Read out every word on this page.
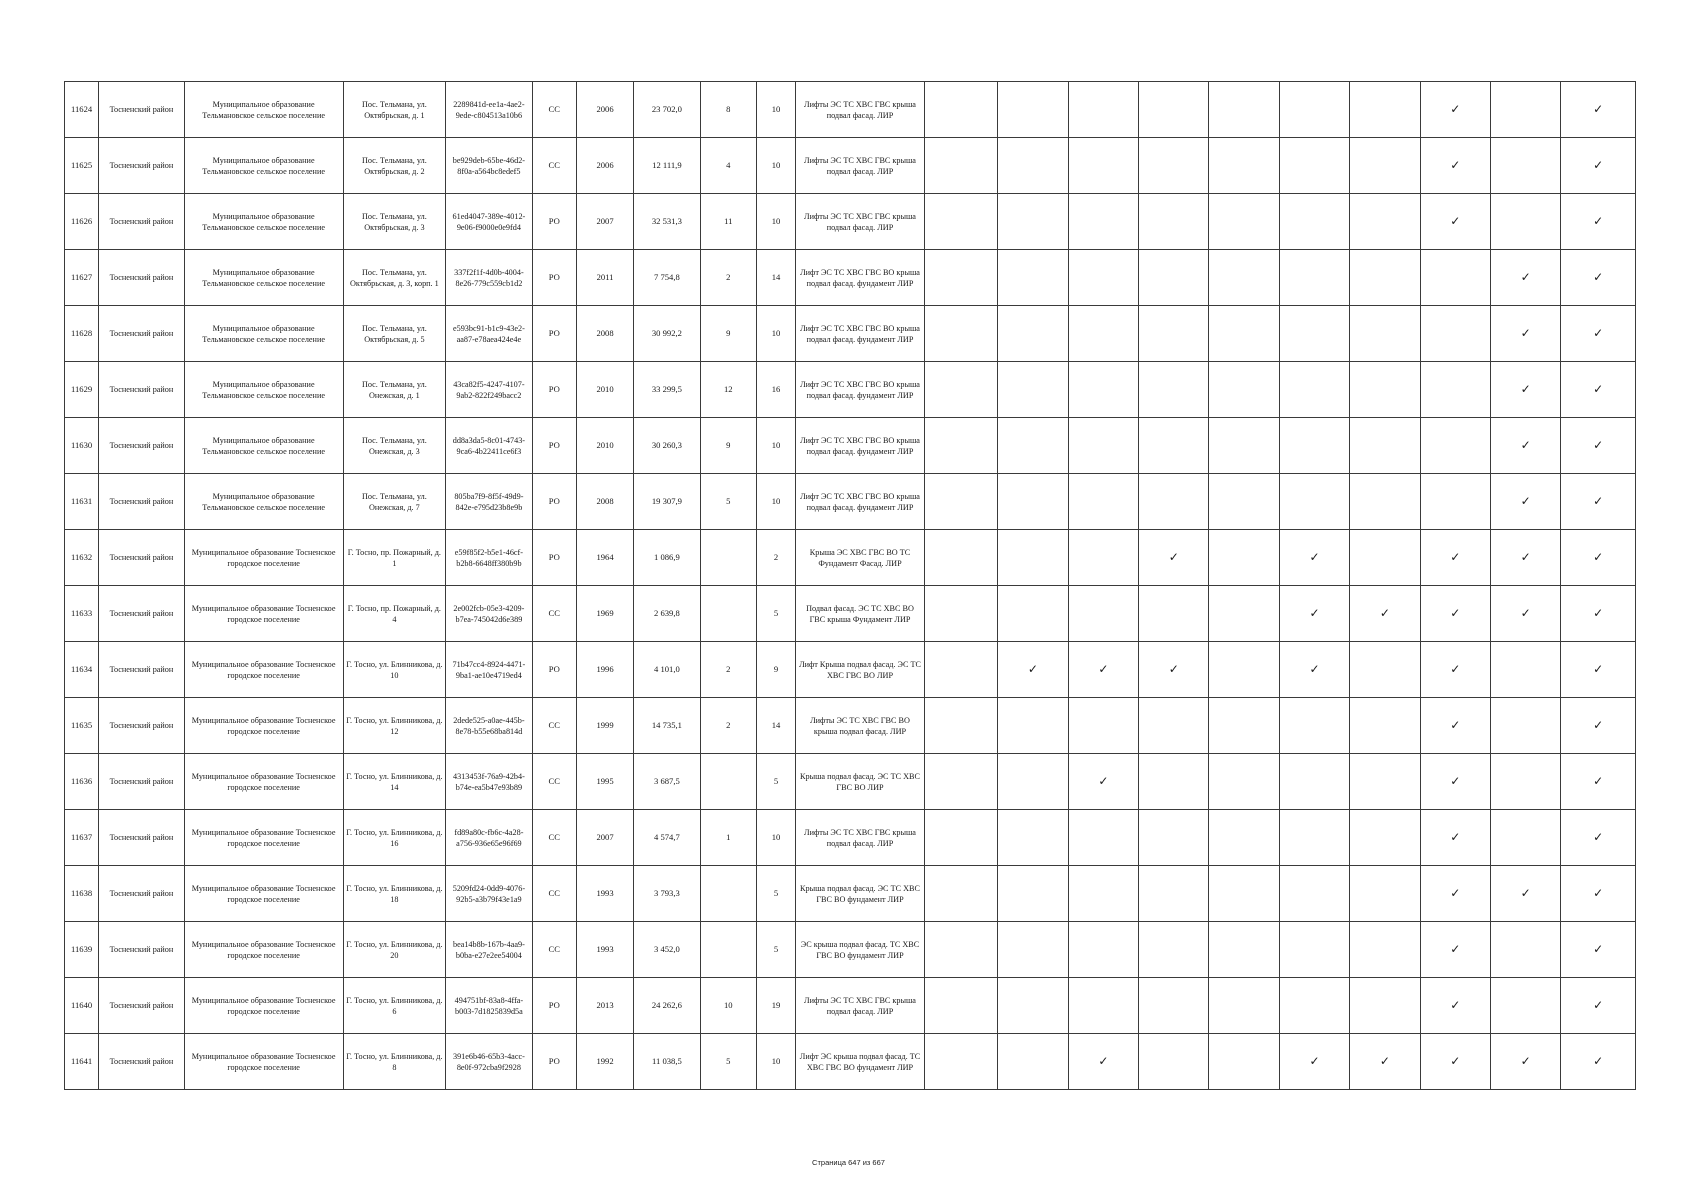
11624	Тосненский район	Муниципальное образование Тельмановское сельское поселение	Пос. Тельмана, ул. Октябрьская, д. 1	2289841d-ee1a-4ae2-9ede-c804513a10b6	СС	2006	23 702,0	8	10	Лифты ЭС ТС ХВС ГВС крыша подвал фасад. ЛИР								✓		✓
11625	Тосненский район	Муниципальное образование Тельмановское сельское поселение	Пос. Тельмана, ул. Октябрьская, д. 2	be929deb-65be-46d2-8f0a-a564bc8edef5	СС	2006	12 111,9	4	10	Лифты ЭС ТС ХВС ГВС крыша подвал фасад. ЛИР								✓		✓
11626	Тосненский район	Муниципальное образование Тельмановское сельское поселение	Пос. Тельмана, ул. Октябрьская, д. 3	61ed4047-389e-4012-9e06-f9000e0e9fd4	РО	2007	32 531,3	11	10	Лифты ЭС ТС ХВС ГВС крыша подвал фасад. ЛИР								✓		✓
11627	Тосненский район	Муниципальное образование Тельмановское сельское поселение	Пос. Тельмана, ул. Октябрьская, д. 3, корп. 1	337f2f1f-4d0b-4004-8e26-779c559cb1d2	РО	2011	7 754,8	2	14	Лифт ЭС ТС ХВС ГВС ВО крыша подвал фасад. фундамент ЛИР									✓	✓
11628	Тосненский район	Муниципальное образование Тельмановское сельское поселение	Пос. Тельмана, ул. Октябрьская, д. 5	e593bc91-b1c9-43e2-aa87-e78aea424e4e	РО	2008	30 992,2	9	10	Лифт ЭС ТС ХВС ГВС ВО крыша подвал фасад. фундамент ЛИР									✓	✓
11629	Тосненский район	Муниципальное образование Тельмановское сельское поселение	Пос. Тельмана, ул. Онежская, д. 1	43ca82f5-4247-4107-9ab2-822f249bacc2	РО	2010	33 299,5	12	16	Лифт ЭС ТС ХВС ГВС ВО крыша подвал фасад. фундамент ЛИР									✓	✓
11630	Тосненский район	Муниципальное образование Тельмановское сельское поселение	Пос. Тельмана, ул. Онежская, д. 3	dd8a3da5-8c01-4743-9ca6-4b22411ce6f3	РО	2010	30 260,3	9	10	Лифт ЭС ТС ХВС ГВС ВО крыша подвал фасад. фундамент ЛИР									✓	✓
11631	Тосненский район	Муниципальное образование Тельмановское сельское поселение	Пос. Тельмана, ул. Онежская, д. 7	805ba7f9-8f5f-49d9-842e-e795d23b8e9b	РО	2008	19 307,9	5	10	Лифт ЭС ТС ХВС ГВС ВО крыша подвал фасад. фундамент ЛИР									✓	✓
11632	Тосненский район	Муниципальное образование Тосненское городское поселение	Г. Тосно, пр. Пожарный, д. 1	e59f85f2-b5e1-46cf-b2b8-6648ff380b9b	РО	1964	1 086,9		2	Крыша ЭС ХВС ГВС ВО ТС Фундамент Фасад. ЛИР				✓		✓		✓	✓	✓
11633	Тосненский район	Муниципальное образование Тосненское городское поселение	Г. Тосно, пр. Пожарный, д. 4	2e002fcb-05e3-4209-b7ea-745042d6e389	СС	1969	2 639,8		5	Подвал фасад. ЭС ТС ХВС ВО ГВС крыша Фундамент ЛИР						✓	✓	✓	✓	✓
11634	Тосненский район	Муниципальное образование Тосненское городское поселение	Г. Тосно, ул. Блинникова, д. 10	71b47cc4-8924-4471-9ba1-ae10e4719ed4	РО	1996	4 101,0	2	9	Лифт Крыша подвал фасад. ЭС ТС ХВС ГВС ВО ЛИР		✓	✓	✓		✓		✓		✓
11635	Тосненский район	Муниципальное образование Тосненское городское поселение	Г. Тосно, ул. Блинникова, д. 12	2dede525-a0ae-445b-8e78-b55e68ba814d	СС	1999	14 735,1	2	14	Лифты ЭС ТС ХВС ГВС ВО крыша подвал фасад. ЛИР								✓		✓
11636	Тосненский район	Муниципальное образование Тосненское городское поселение	Г. Тосно, ул. Блинникова, д. 14	4313453f-76a9-42b4-b74e-ea5b47e93b89	СС	1995	3 687,5		5	Крыша подвал фасад. ЭС ТС ХВС ГВС ВО ЛИР			✓					✓		✓
11637	Тосненский район	Муниципальное образование Тосненское городское поселение	Г. Тосно, ул. Блинникова, д. 16	fd89a80c-fb6c-4a28-a756-936e65e96f69	СС	2007	4 574,7	1	10	Лифты ЭС ТС ХВС ГВС крыша подвал фасад. ЛИР								✓		✓
11638	Тосненский район	Муниципальное образование Тосненское городское поселение	Г. Тосно, ул. Блинникова, д. 18	5209fd24-0dd9-4076-92b5-a3b79f43e1a9	СС	1993	3 793,3		5	Крыша подвал фасад. ЭС ТС ХВС ГВС ВО фундамент ЛИР								✓	✓	✓
11639	Тосненский район	Муниципальное образование Тосненское городское поселение	Г. Тосно, ул. Блинникова, д. 20	bea14b8b-167b-4aa9-b0ba-e27e2ee54004	СС	1993	3 452,0		5	ЭС крыша подвал фасад. ТС ХВС ГВС ВО фундамент ЛИР								✓		✓
11640	Тосненский район	Муниципальное образование Тосненское городское поселение	Г. Тосно, ул. Блинникова, д. 6	494751bf-83a8-4ffa-b003-7d1825839d5a	РО	2013	24 262,6	10	19	Лифты ЭС ТС ХВС ГВС крыша подвал фасад. ЛИР								✓		✓
11641	Тосненский район	Муниципальное образование Тосненское городское поселение	Г. Тосно, ул. Блинникова, д. 8	391e6b46-65b3-4acc-8e0f-972cba9f2928	РО	1992	11 038,5	5	10	Лифт ЭС крыша подвал фасад. ТС ХВС ГВС ВО фундамент ЛИР			✓			✓	✓	✓	✓	✓
Страница 647 из 667
